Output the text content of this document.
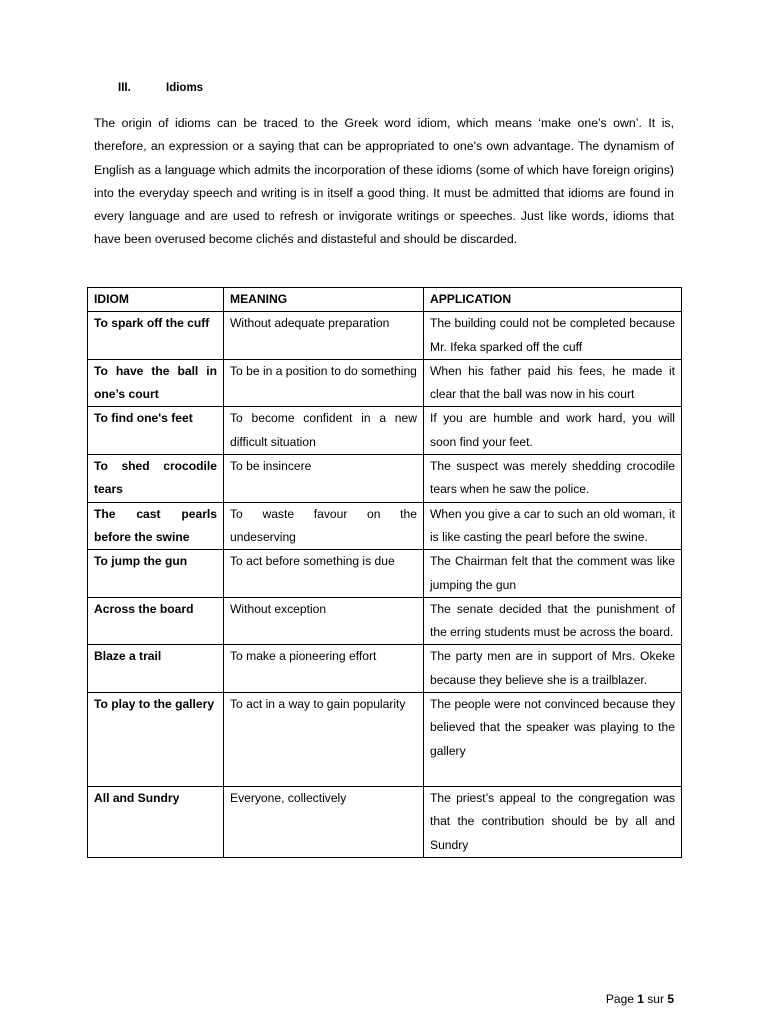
III.	Idioms

The origin of idioms can be traced to the Greek word idiom, which means ‘make one’s own’. It is, therefore, an expression or a saying that can be appropriated to one's own advantage. The dynamism of English as a language which admits the incorporation of these idioms (some of which have foreign origins) into the everyday speech and writing is in itself a good thing. It must be admitted that idioms are found in every language and are used to refresh or invigorate writings or speeches. Just like words, idioms that have been overused become clichés and distasteful and should be discarded.

IDIOM	MEANING	APPLICATION
To spark off the cuff	Without adequate preparation	The building could not be completed because Mr. Ifeka sparked off the cuff
To have the ball in one’s court	To be in a position to do something	When his father paid his fees, he made it clear that the ball was now in his court
To find one's feet	To become confident in a new difficult situation	If you are humble and work hard, you will soon find your feet.
To shed crocodile tears	To be insincere	The suspect was merely shedding crocodile tears when he saw the police.
The cast pearls before the swine	To waste favour on the undeserving	When you give a car to such an old woman, it is like casting the pearl before the swine.
To jump the gun	To act before something is due	The Chairman felt that the comment was like jumping the gun
Across the board	Without exception	The senate decided that the punishment of the erring students must be across the board.
Blaze a trail	To make a pioneering effort	The party men are in support of Mrs. Okeke because they believe she is a trailblazer.
To play to the gallery	To act in a way to gain popularity	The people were not convinced because they believed that the speaker was playing to the gallery
All and Sundry	Everyone, collectively	The priest’s appeal to the congregation was that the contribution should be by all and Sundry
Page 1 sur 5
